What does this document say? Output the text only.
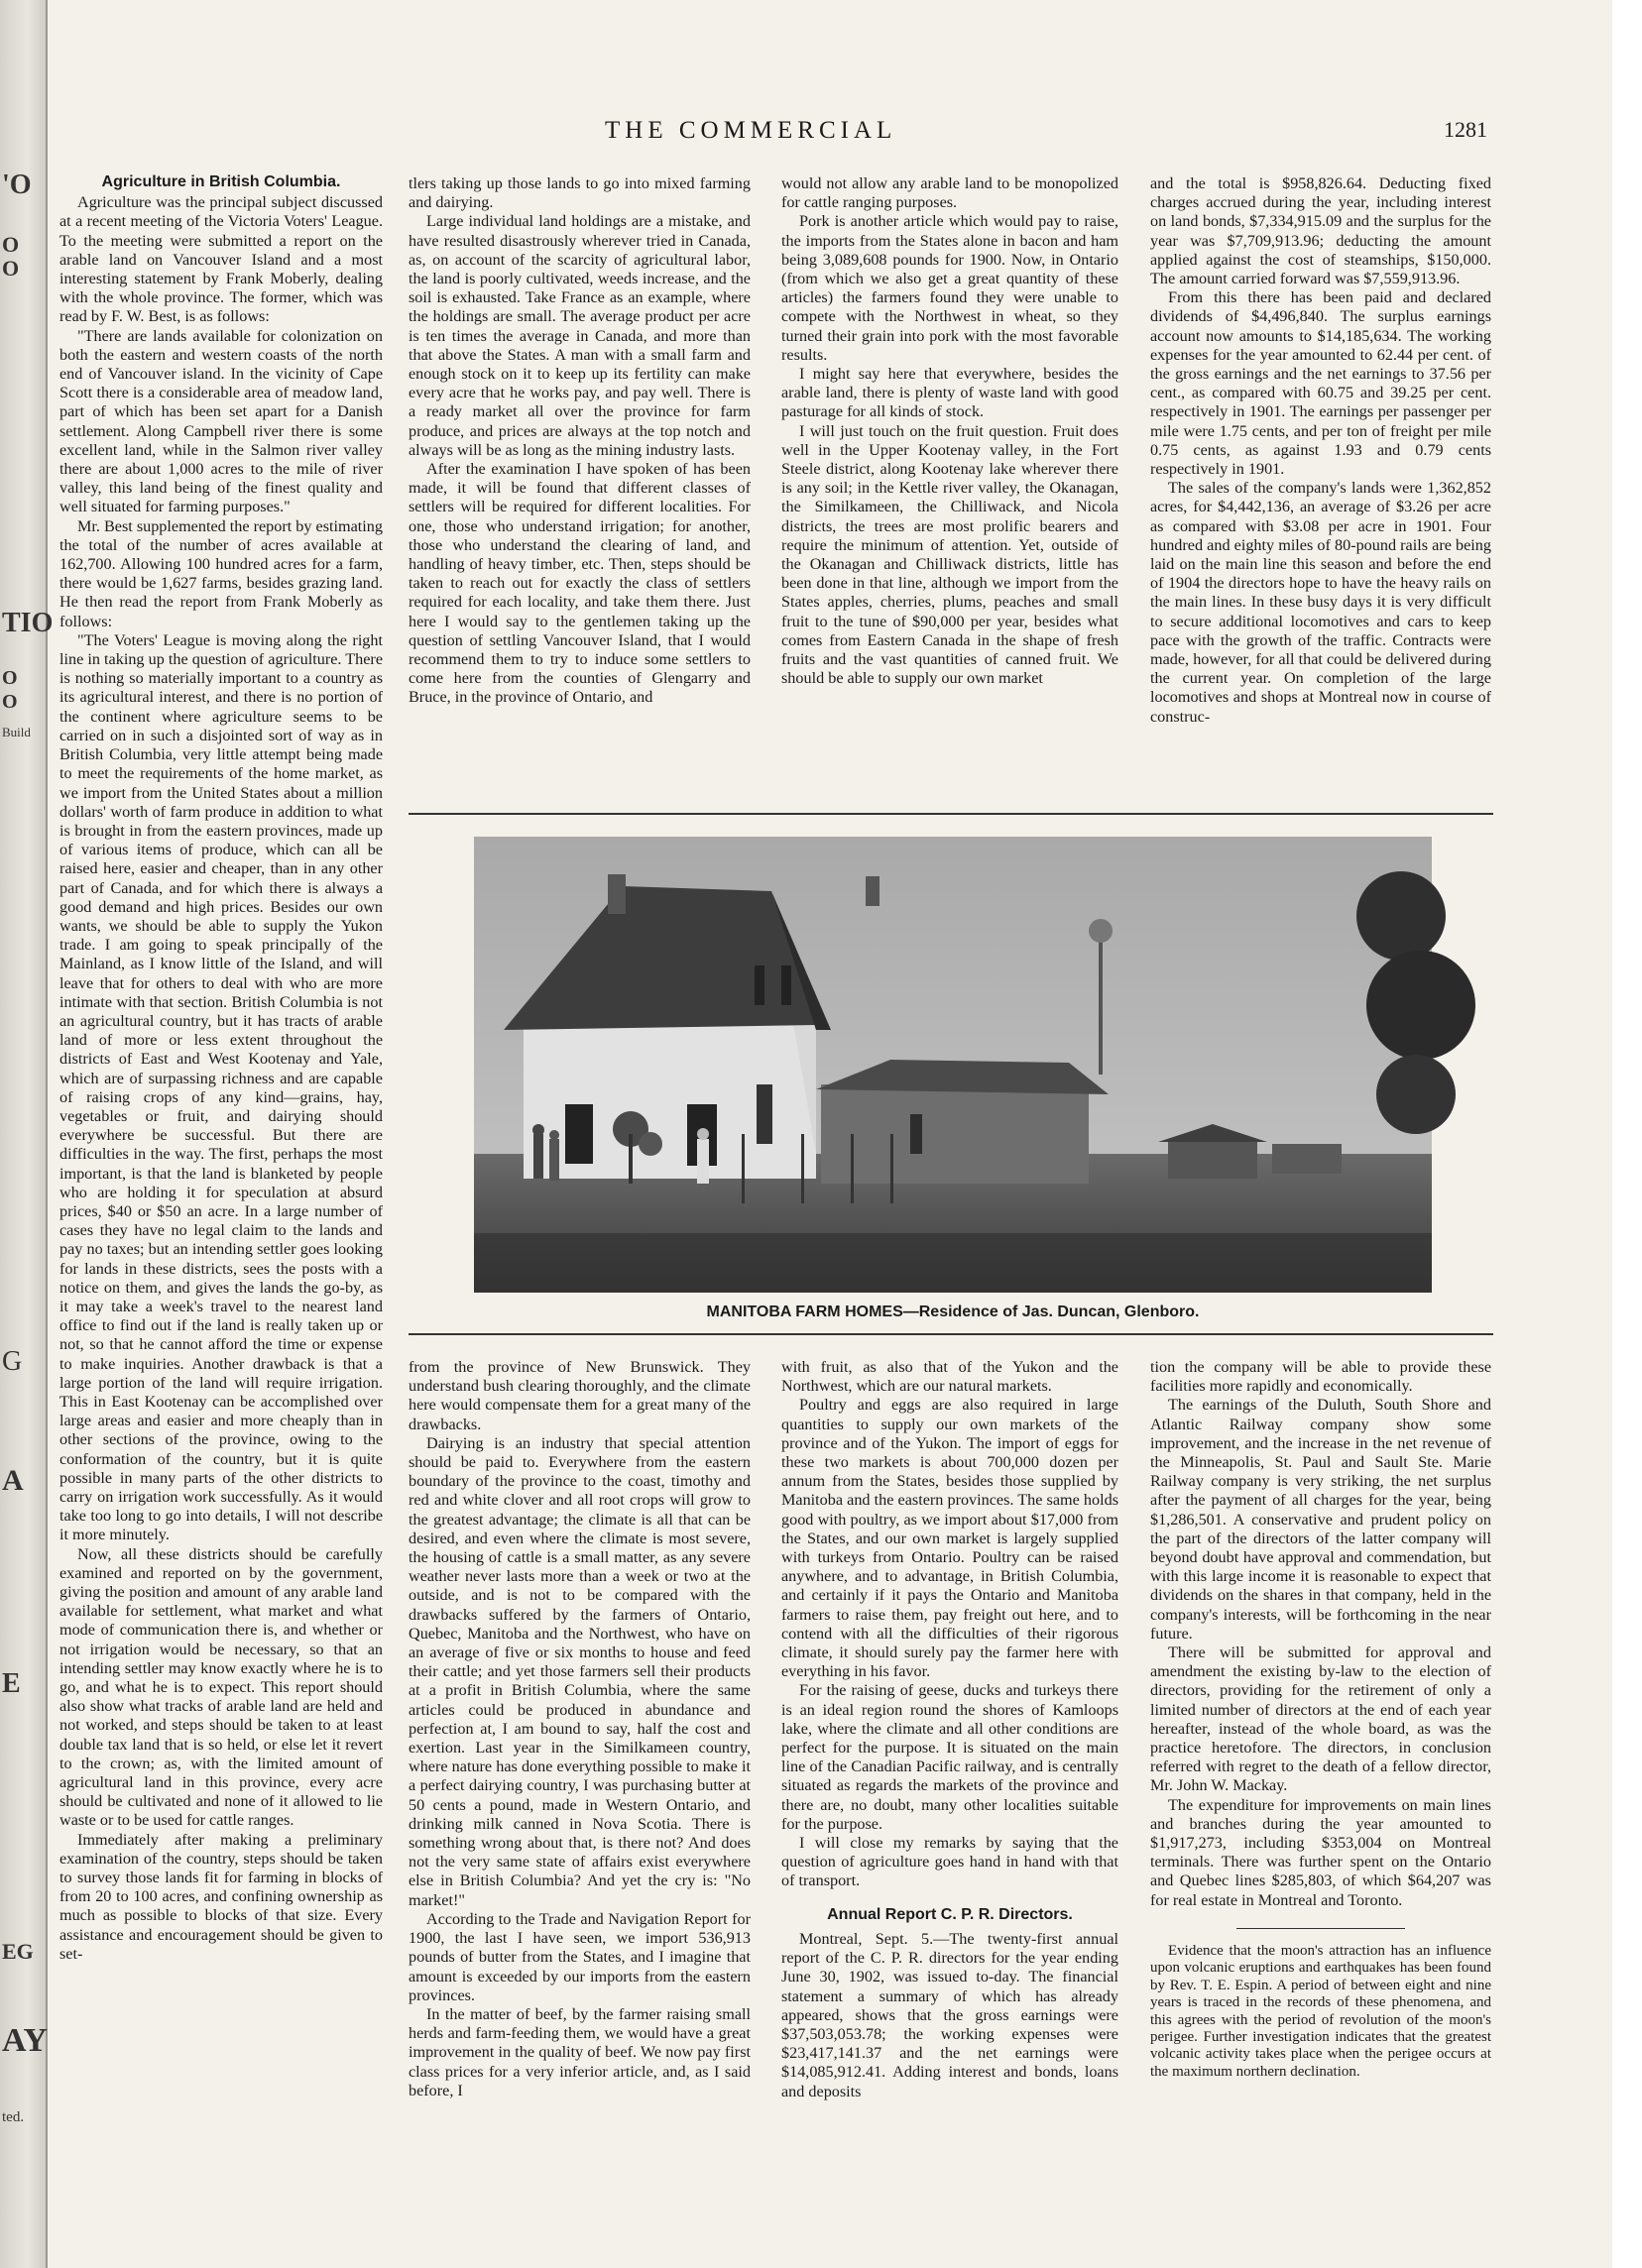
'O
O
O
TIO
O
O
Build
G
A
E
EG
AY
ted.
THE COMMERCIAL	1281
Agriculture in British Columbia.

Agriculture was the principal subject discussed at a recent meeting of the Victoria Voters' League. To the meeting were submitted a report on the arable land on Vancouver Island and a most interesting statement by Frank Moberly, dealing with the whole province. The former, which was read by F. W. Best, is as follows:

"There are lands available for colonization on both the eastern and western coasts of the north end of Vancouver island. In the vicinity of Cape Scott there is a considerable area of meadow land, part of which has been set apart for a Danish settlement. Along Campbell river there is some excellent land, while in the Salmon river valley there are about 1,000 acres to the mile of river valley, this land being of the finest quality and well situated for farming purposes."

Mr. Best supplemented the report by estimating the total of the number of acres available at 162,700. Allowing 100 hundred acres for a farm, there would be 1,627 farms, besides grazing land. He then read the report from Frank Moberly as follows:

"The Voters' League is moving along the right line in taking up the question of agriculture. There is nothing so materially important to a country as its agricultural interest, and there is no portion of the continent where agriculture seems to be carried on in such a disjointed sort of way as in British Columbia, very little attempt being made to meet the requirements of the home market, as we import from the United States about a million dollars' worth of farm produce in addition to what is brought in from the eastern provinces, made up of various items of produce, which can all be raised here, easier and cheaper, than in any other part of Canada, and for which there is always a good demand and high prices. Besides our own wants, we should be able to supply the Yukon trade. I am going to speak principally of the Mainland, as I know little of the Island, and will leave that for others to deal with who are more intimate with that section. British Columbia is not an agricultural country, but it has tracts of arable land of more or less extent throughout the districts of East and West Kootenay and Yale, which are of surpassing richness and are capable of raising crops of any kind—grains, hay, vegetables or fruit, and dairying should everywhere be successful. But there are difficulties in the way. The first, perhaps the most important, is that the land is blanketed by people who are holding it for speculation at absurd prices, $40 or $50 an acre. In a large number of cases they have no legal claim to the lands and pay no taxes; but an intending settler goes looking for lands in these districts, sees the posts with a notice on them, and gives the lands the go-by, as it may take a week's travel to the nearest land office to find out if the land is really taken up or not, so that he cannot afford the time or expense to make inquiries. Another drawback is that a large portion of the land will require irrigation. This in East Kootenay can be accomplished over large areas and easier and more cheaply than in other sections of the province, owing to the conformation of the country, but it is quite possible in many parts of the other districts to carry on irrigation work successfully. As it would take too long to go into details, I will not describe it more minutely.

Now, all these districts should be carefully examined and reported on by the government, giving the position and amount of any arable land available for settlement, what market and what mode of communication there is, and whether or not irrigation would be necessary, so that an intending settler may know exactly where he is to go, and what he is to expect. This report should also show what tracks of arable land are held and not worked, and steps should be taken to at least double tax land that is so held, or else let it revert to the crown; as, with the limited amount of agricultural land in this province, every acre should be cultivated and none of it allowed to lie waste or to be used for cattle ranges.

Immediately after making a preliminary examination of the country, steps should be taken to survey those lands fit for farming in blocks of from 20 to 100 acres, and confining ownership as much as possible to blocks of that size. Every assistance and encouragement should be given to set-

tlers taking up those lands to go into mixed farming and dairying.

Large individual land holdings are a mistake, and have resulted disastrously wherever tried in Canada, as, on account of the scarcity of agricultural labor, the land is poorly cultivated, weeds increase, and the soil is exhausted. Take France as an example, where the holdings are small. The average product per acre is ten times the average in Canada, and more than that above the States. A man with a small farm and enough stock on it to keep up its fertility can make every acre that he works pay, and pay well. There is a ready market all over the province for farm produce, and prices are always at the top notch and always will be as long as the mining industry lasts.

After the examination I have spoken of has been made, it will be found that different classes of settlers will be required for different localities. For one, those who understand irrigation; for another, those who understand the clearing of land, and handling of heavy timber, etc. Then, steps should be taken to reach out for exactly the class of settlers required for each locality, and take them there. Just here I would say to the gentlemen taking up the question of settling Vancouver Island, that I would recommend them to try to induce some settlers to come here from the counties of Glengarry and Bruce, in the province of Ontario, and

would not allow any arable land to be monopolized for cattle ranging purposes.

Pork is another article which would pay to raise, the imports from the States alone in bacon and ham being 3,089,608 pounds for 1900. Now, in Ontario (from which we also get a great quantity of these articles) the farmers found they were unable to compete with the Northwest in wheat, so they turned their grain into pork with the most favorable results.

I might say here that everywhere, besides the arable land, there is plenty of waste land with good pasturage for all kinds of stock.

I will just touch on the fruit question. Fruit does well in the Upper Kootenay valley, in the Fort Steele district, along Kootenay lake wherever there is any soil; in the Kettle river valley, the Okanagan, the Similkameen, the Chilliwack, and Nicola districts, the trees are most prolific bearers and require the minimum of attention. Yet, outside of the Okanagan and Chilliwack districts, little has been done in that line, although we import from the States apples, cherries, plums, peaches and small fruit to the tune of $90,000 per year, besides what comes from Eastern Canada in the shape of fresh fruits and the vast quantities of canned fruit. We should be able to supply our own market

and the total is $958,826.64. Deducting fixed charges accrued during the year, including interest on land bonds, $7,334,915.09 and the surplus for the year was $7,709,913.96; deducting the amount applied against the cost of steamships, $150,000. The amount carried forward was $7,559,913.96.

From this there has been paid and declared dividends of $4,496,840. The surplus earnings account now amounts to $14,185,634. The working expenses for the year amounted to 62.44 per cent. of the gross earnings and the net earnings to 37.56 per cent., as compared with 60.75 and 39.25 per cent. respectively in 1901. The earnings per passenger per mile were 1.75 cents, and per ton of freight per mile 0.75 cents, as against 1.93 and 0.79 cents respectively in 1901.

The sales of the company's lands were 1,362,852 acres, for $4,442,136, an average of $3.26 per acre as compared with $3.08 per acre in 1901. Four hundred and eighty miles of 80-pound rails are being laid on the main line this season and before the end of 1904 the directors hope to have the heavy rails on the main lines. In these busy days it is very difficult to secure additional locomotives and cars to keep pace with the growth of the traffic. Contracts were made, however, for all that could be delivered during the current year. On completion of the large locomotives and shops at Montreal now in course of construc-

MANITOBA FARM HOMES—Residence of Jas. Duncan, Glenboro.

from the province of New Brunswick. They understand bush clearing thoroughly, and the climate here would compensate them for a great many of the drawbacks.

Dairying is an industry that special attention should be paid to. Everywhere from the eastern boundary of the province to the coast, timothy and red and white clover and all root crops will grow to the greatest advantage; the climate is all that can be desired, and even where the climate is most severe, the housing of cattle is a small matter, as any severe weather never lasts more than a week or two at the outside, and is not to be compared with the drawbacks suffered by the farmers of Ontario, Quebec, Manitoba and the Northwest, who have on an average of five or six months to house and feed their cattle; and yet those farmers sell their products at a profit in British Columbia, where the same articles could be produced in abundance and perfection at, I am bound to say, half the cost and exertion. Last year in the Similkameen country, where nature has done everything possible to make it a perfect dairying country, I was purchasing butter at 50 cents a pound, made in Western Ontario, and drinking milk canned in Nova Scotia. There is something wrong about that, is there not? And does not the very same state of affairs exist everywhere else in British Columbia? And yet the cry is: "No market!"

According to the Trade and Navigation Report for 1900, the last I have seen, we import 536,913 pounds of butter from the States, and I imagine that amount is exceeded by our imports from the eastern provinces.

In the matter of beef, by the farmer raising small herds and farm-feeding them, we would have a great improvement in the quality of beef. We now pay first class prices for a very inferior article, and, as I said before, I

with fruit, as also that of the Yukon and the Northwest, which are our natural markets.

Poultry and eggs are also required in large quantities to supply our own markets of the province and of the Yukon. The import of eggs for these two markets is about 700,000 dozen per annum from the States, besides those supplied by Manitoba and the eastern provinces. The same holds good with poultry, as we import about $17,000 from the States, and our own market is largely supplied with turkeys from Ontario. Poultry can be raised anywhere, and to advantage, in British Columbia, and certainly if it pays the Ontario and Manitoba farmers to raise them, pay freight out here, and to contend with all the difficulties of their rigorous climate, it should surely pay the farmer here with everything in his favor.

For the raising of geese, ducks and turkeys there is an ideal region round the shores of Kamloops lake, where the climate and all other conditions are perfect for the purpose. It is situated on the main line of the Canadian Pacific railway, and is centrally situated as regards the markets of the province and there are, no doubt, many other localities suitable for the purpose.

I will close my remarks by saying that the question of agriculture goes hand in hand with that of transport.

Annual Report C. P. R. Directors.

Montreal, Sept. 5.—The twenty-first annual report of the C. P. R. directors for the year ending June 30, 1902, was issued to-day. The financial statement a summary of which has already appeared, shows that the gross earnings were $37,503,053.78; the working expenses were $23,417,141.37 and the net earnings were $14,085,912.41. Adding interest and bonds, loans and deposits

tion the company will be able to provide these facilities more rapidly and economically.

The earnings of the Duluth, South Shore and Atlantic Railway company show some improvement, and the increase in the net revenue of the Minneapolis, St. Paul and Sault Ste. Marie Railway company is very striking, the net surplus after the payment of all charges for the year, being $1,286,501. A conservative and prudent policy on the part of the directors of the latter company will beyond doubt have approval and commendation, but with this large income it is reasonable to expect that dividends on the shares in that company, held in the company's interests, will be forthcoming in the near future.

There will be submitted for approval and amendment the existing by-law to the election of directors, providing for the retirement of only a limited number of directors at the end of each year hereafter, instead of the whole board, as was the practice heretofore. The directors, in conclusion referred with regret to the death of a fellow director, Mr. John W. Mackay.

The expenditure for improvements on main lines and branches during the year amounted to $1,917,273, including $353,004 on Montreal terminals. There was further spent on the Ontario and Quebec lines $285,803, of which $64,207 was for real estate in Montreal and Toronto.

Evidence that the moon's attraction has an influence upon volcanic eruptions and earthquakes has been found by Rev. T. E. Espin. A period of between eight and nine years is traced in the records of these phenomena, and this agrees with the period of revolution of the moon's perigee. Further investigation indicates that the greatest volcanic activity takes place when the perigee occurs at the maximum northern declination.
